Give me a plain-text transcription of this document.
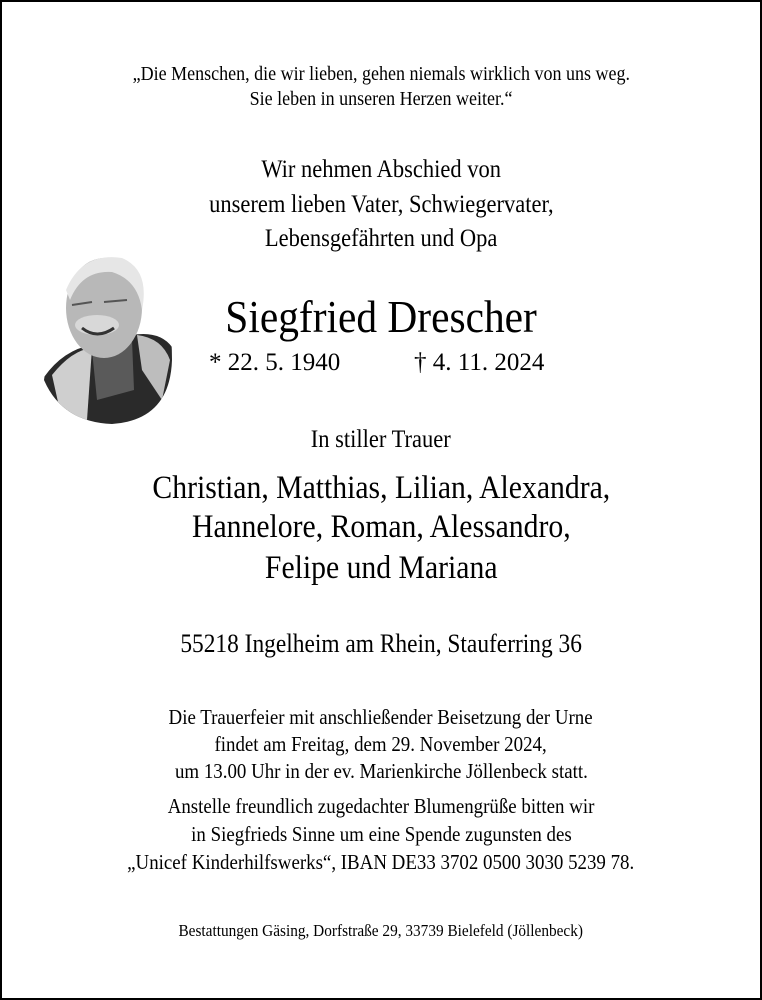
„Die Menschen, die wir lieben, gehen niemals wirklich von uns weg.
Sie leben in unseren Herzen weiter.“
Wir nehmen Abschied von
unserem lieben Vater, Schwiegervater,
Lebensgefährten und Opa
Siegfried Drescher
* 22. 5. 1940	† 4. 11. 2024
In stiller Trauer
Christian, Matthias, Lilian, Alexandra,
Hannelore, Roman, Alessandro,
Felipe und Mariana
55218 Ingelheim am Rhein, Stauferring 36
Die Trauerfeier mit anschließender Beisetzung der Urne
findet am Freitag, dem 29. November 2024,
um 13.00 Uhr in der ev. Marienkirche Jöllenbeck statt.
Anstelle freundlich zugedachter Blumengrüße bitten wir
in Siegfrieds Sinne um eine Spende zugunsten des
„Unicef Kinderhilfswerks“, IBAN DE33 3702 0500 3030 5239 78.
Bestattungen Gäsing, Dorfstraße 29, 33739 Bielefeld (Jöllenbeck)
